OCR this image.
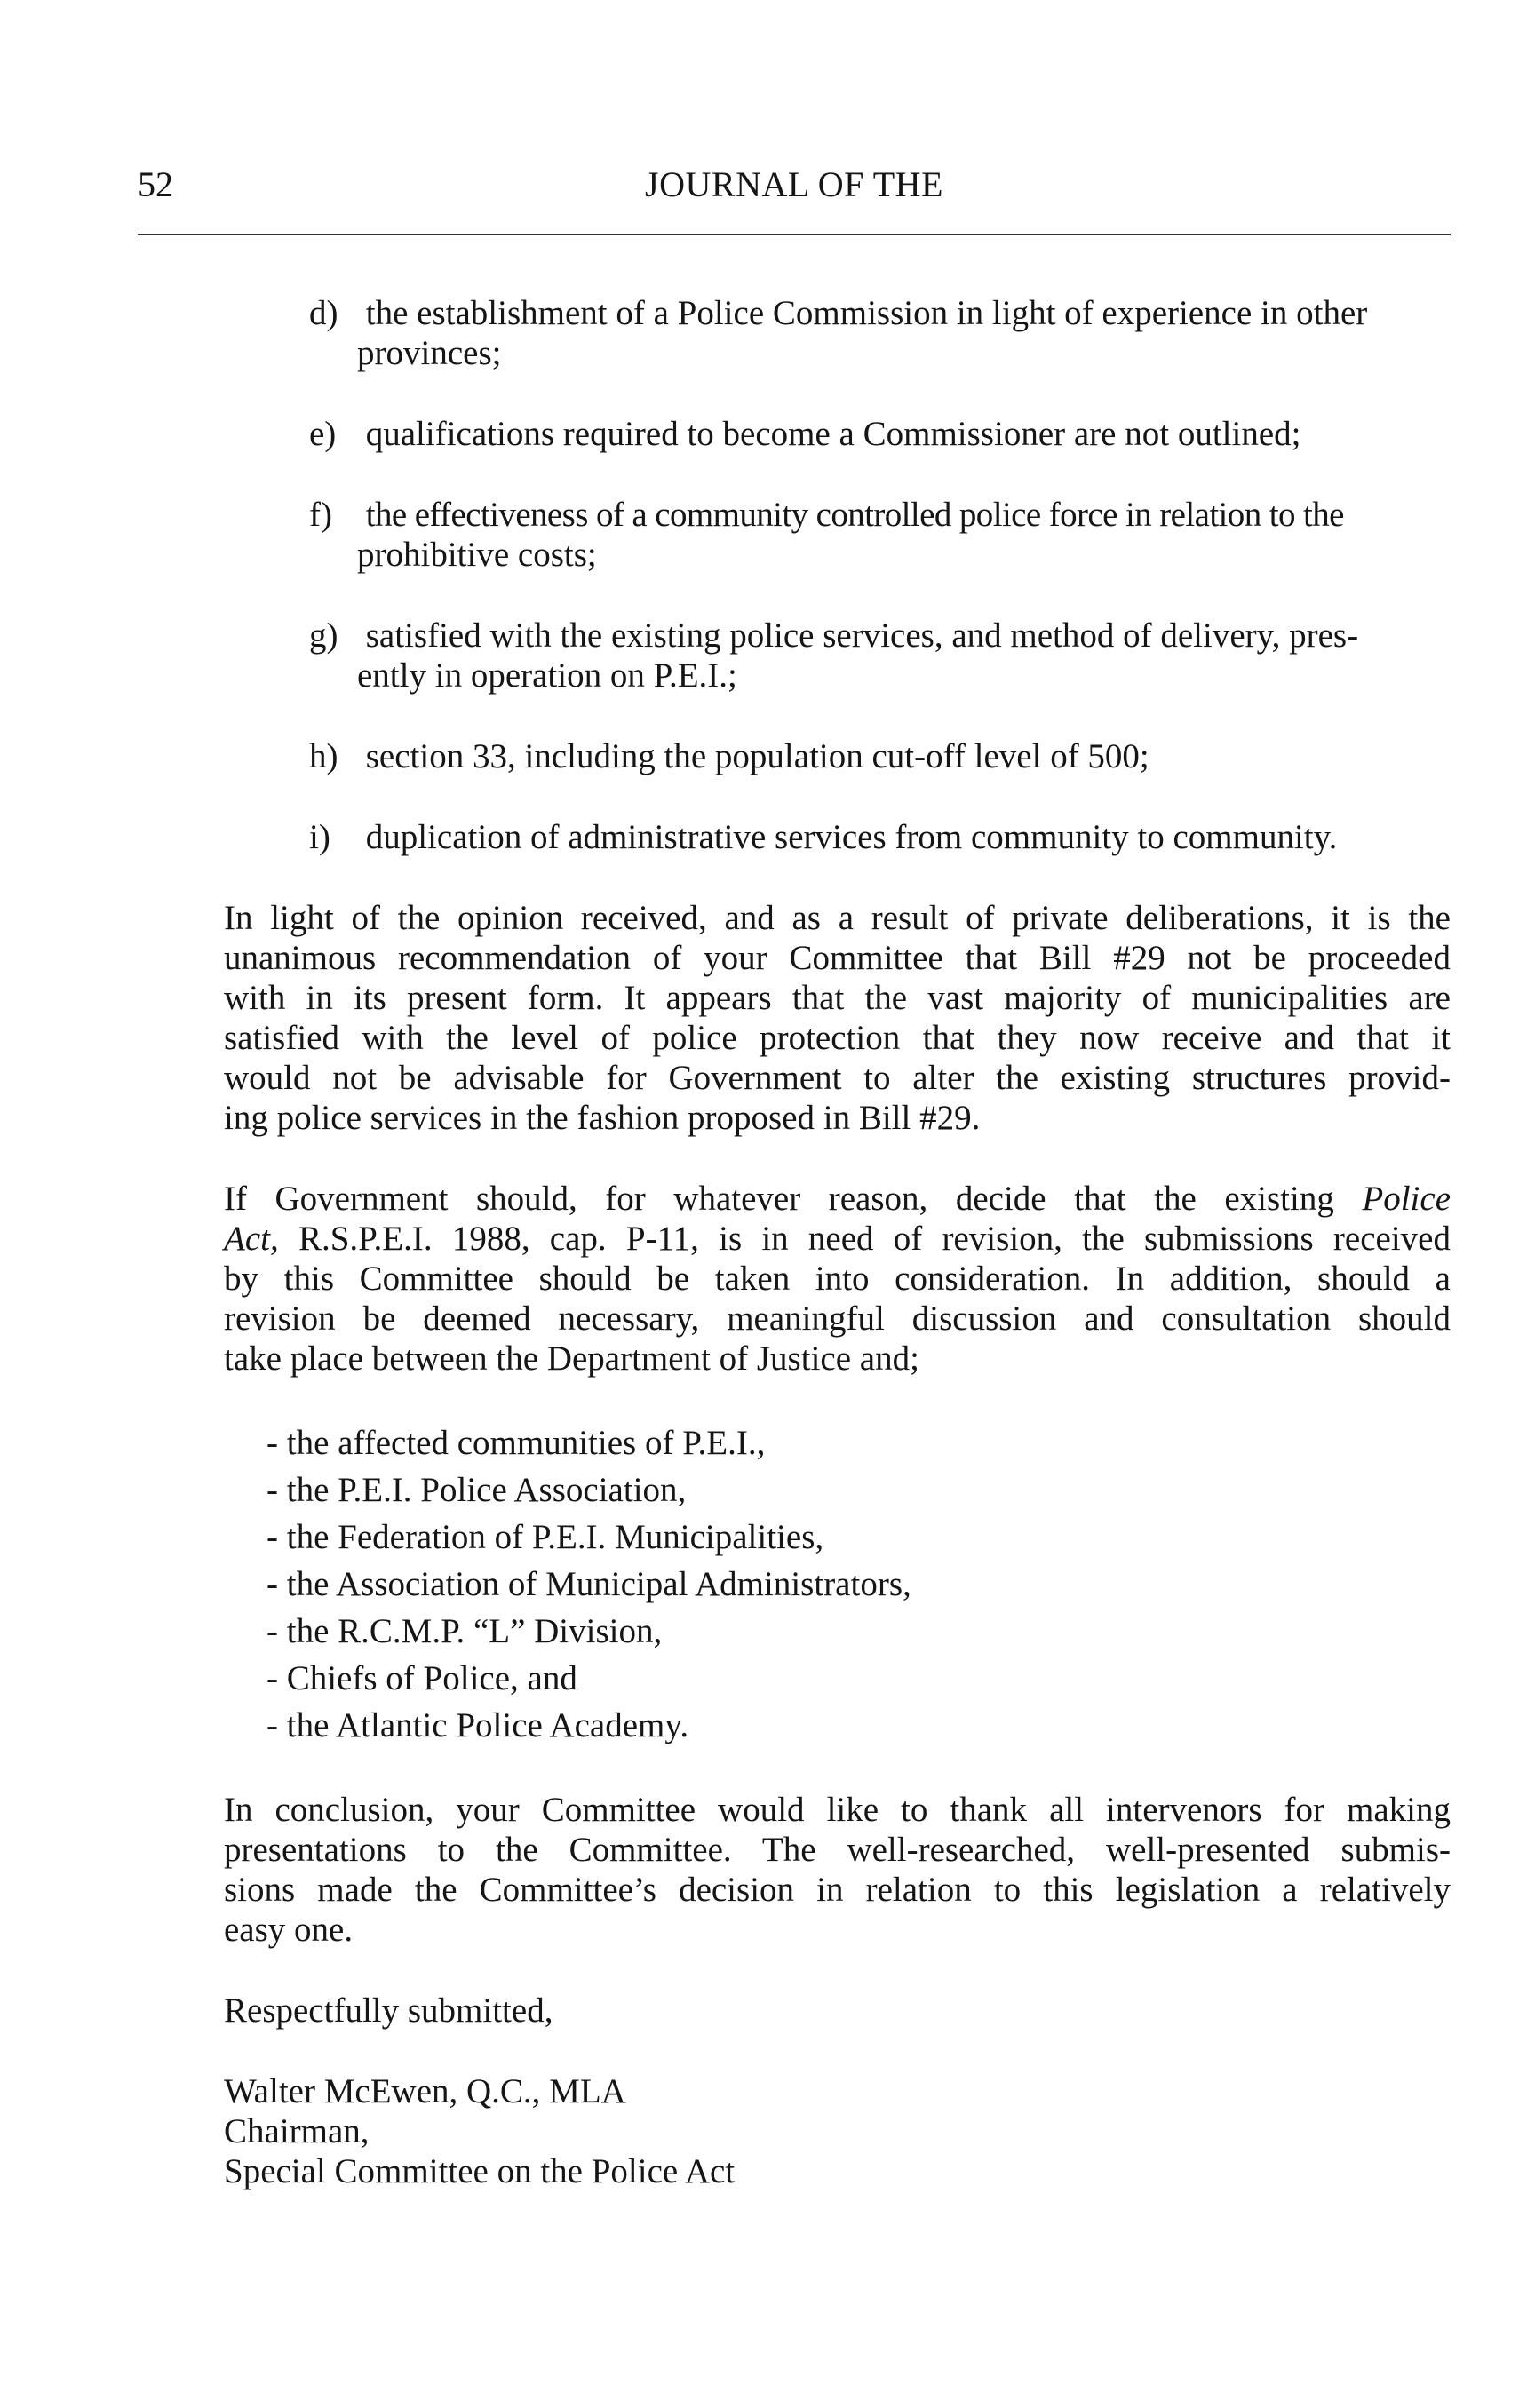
52	JOURNAL OF THE
d) the establishment of a Police Commission in light of experience in other
provinces;
e) qualifications required to become a Commissioner are not outlined;
f) the effectiveness of a community controlled police force in relation to the
prohibitive costs;
g) satisfied with the existing police services, and method of delivery, pres-
ently in operation on P.E.I.;
h) section 33, including the population cut-off level of 500;
i) duplication of administrative services from community to community.
In light of the opinion received, and as a result of private deliberations, it is the
unanimous recommendation of your Committee that Bill #29 not be proceeded
with in its present form. It appears that the vast majority of municipalities are
satisfied with the level of police protection that they now receive and that it
would not be advisable for Government to alter the existing structures provid-
ing police services in the fashion proposed in Bill #29.
If Government should, for whatever reason, decide that the existing Police
Act, R.S.P.E.I. 1988, cap. P-11, is in need of revision, the submissions received
by this Committee should be taken into consideration. In addition, should a
revision be deemed necessary, meaningful discussion and consultation should
take place between the Department of Justice and;
- the affected communities of P.E.I.,
- the P.E.I. Police Association,
- the Federation of P.E.I. Municipalities,
- the Association of Municipal Administrators,
- the R.C.M.P. “L” Division,
- Chiefs of Police, and
- the Atlantic Police Academy.
In conclusion, your Committee would like to thank all intervenors for making
presentations to the Committee. The well-researched, well-presented submis-
sions made the Committee’s decision in relation to this legislation a relatively
easy one.
Respectfully submitted,
Walter McEwen, Q.C., MLA
Chairman,
Special Committee on the Police Act
